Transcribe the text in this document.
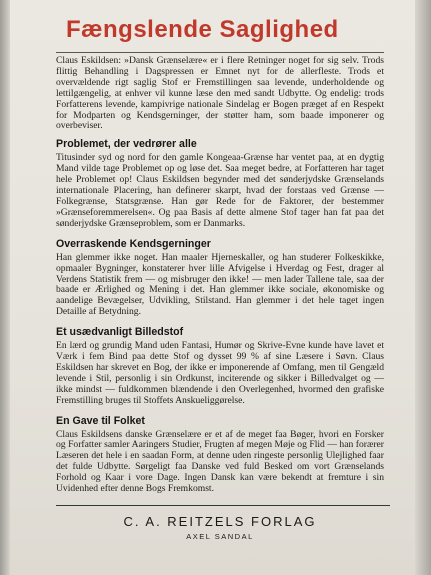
Fængslende Saglighed

Claus Eskildsen: »Dansk Grænselære« er i flere Retninger noget for sig selv. Trods flittig Behandling i Dagspressen er Emnet nyt for de allerfleste. Trods et overvældende rigt saglig Stof er Fremstillingen saa levende, underholdende og lettilgængelig, at enhver vil kunne læse den med sandt Udbytte. Og endelig: trods Forfatterens levende, kampivrige nationale Sindelag er Bogen præget af en Respekt for Modparten og Kendsgerninger, der støtter ham, som baade imponerer og overbeviser.

Problemet, der vedrører alle

Titusinder syd og nord for den gamle Kongeaa-Grænse har ventet paa, at en dygtig Mand vilde tage Problemet op og løse det. Saa meget bedre, at Forfatteren har taget hele Problemet op! Claus Eskildsen begynder med det sønderjydske Grænselands internationale Placering, han definerer skarpt, hvad der forstaas ved Grænse — Folkegrænse, Statsgrænse. Han gør Rede for de Faktorer, der bestemmer »Grænseforemmerelsen«. Og paa Basis af dette almene Stof tager han fat paa det sønderjydske Grænseproblem, som er Danmarks.

Overraskende Kendsgerninger

Han glemmer ikke noget. Han maaler Hjerneskaller, og han studerer Folkeskikke, opmaaler Bygninger, konstaterer hver lille Afvigelse i Hverdag og Fest, drager al Verdens Statistik frem — og misbruger den ikke! — men lader Tallene tale, saa der baade er Ærlighed og Mening i det. Han glemmer ikke sociale, økonomiske og aandelige Bevægelser, Udvikling, Stilstand. Han glemmer i det hele taget ingen Detaille af Betydning.

Et usædvanligt Billedstof

En lærd og grundig Mand uden Fantasi, Humør og Skrive-Evne kunde have lavet et Værk i fem Bind paa dette Stof og dysset 99 % af sine Læsere i Søvn. Claus Eskildsen har skrevet en Bog, der ikke er imponerende af Omfang, men til Gengæld levende i Stil, personlig i sin Ordkunst, inciterende og sikker i Billedvalget og — ikke mindst — fuldkommen blændende i den Overlegenhed, hvormed den grafiske Fremstilling bruges til Stoffets Anskueliggørelse.

En Gave til Folket

Claus Eskildsens danske Grænselære er et af de meget faa Bøger, hvori en Forsker og Forfatter samler Aaringers Studier, Frugten af megen Møje og Flid — han forærer Læseren det hele i en saadan Form, at denne uden ringeste personlig Ulejlighed faar det fulde Udbytte. Sørgeligt faa Danske ved fuld Besked om vort Grænselands Forhold og Kaar i vore Dage. Ingen Dansk kan være bekendt at fremture i sin Uvidenhed efter denne Bogs Fremkomst.

C. A. REITZELS FORLAG
AXEL SANDAL
